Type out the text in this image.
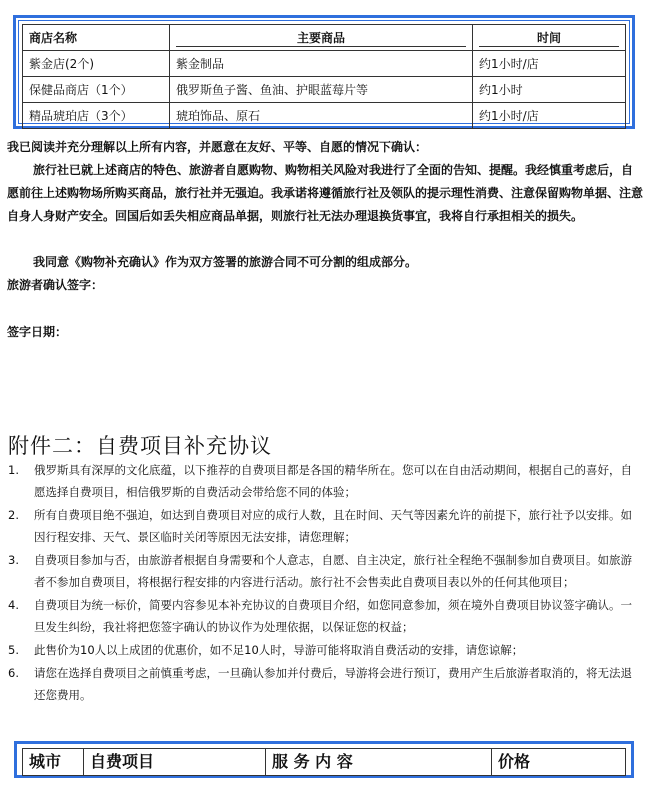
商店名称	主要商品	时间

紫金店(2个)	紫金制品	约1小时/店
保健品商店（1个）	俄罗斯鱼子酱、鱼油、护眼蓝莓片等	约1小时
精品琥珀店（3个）	琥珀饰品、原石	约1小时/店
我已阅读并充分理解以上所有内容，并愿意在友好、平等、自愿的情况下确认：
旅行社已就上述商店的特色、旅游者自愿购物、购物相关风险对我进行了全面的告知、提醒。我经慎重考虑后，自愿前往上述购物场所购买商品，旅行社并无强迫。我承诺将遵循旅行社及领队的提示理性消费、注意保留购物单据、注意自身人身财产安全。回国后如丢失相应商品单据，则旅行社无法办理退换货事宜，我将自行承担相关的损失。
我同意《购物补充确认》作为双方签署的旅游合同不可分割的组成部分。
旅游者确认签字：
签字日期：
附件二：自费项目补充协议
1.	俄罗斯具有深厚的文化底蕴，以下推荐的自费项目都是各国的精华所在。您可以在自由活动期间，根据自己的喜好，自愿选择自费项目，相信俄罗斯的自费活动会带给您不同的体验；
2.	所有自费项目绝不强迫，如达到自费项目对应的成行人数，且在时间、天气等因素允许的前提下，旅行社予以安排。如因行程安排、天气、景区临时关闭等原因无法安排，请您理解；
3.	自费项目参加与否，由旅游者根据自身需要和个人意志，自愿、自主决定，旅行社全程绝不强制参加自费项目。如旅游者不参加自费项目，将根据行程安排的内容进行活动。旅行社不会售卖此自费项目表以外的任何其他项目；
4.	自费项目为统一标价，简要内容参见本补充协议的自费项目介绍，如您同意参加，须在境外自费项目协议签字确认。一旦发生纠纷，我社将把您签字确认的协议作为处理依据，以保证您的权益；
5.	此售价为10人以上成团的优惠价，如不足10人时，导游可能将取消自费活动的安排，请您谅解；
6.	请您在选择自费项目之前慎重考虑，一旦确认参加并付费后，导游将会进行预订，费用产生后旅游者取消的，将无法退还您费用。
城市	自费项目	服 务 内 容	价格
